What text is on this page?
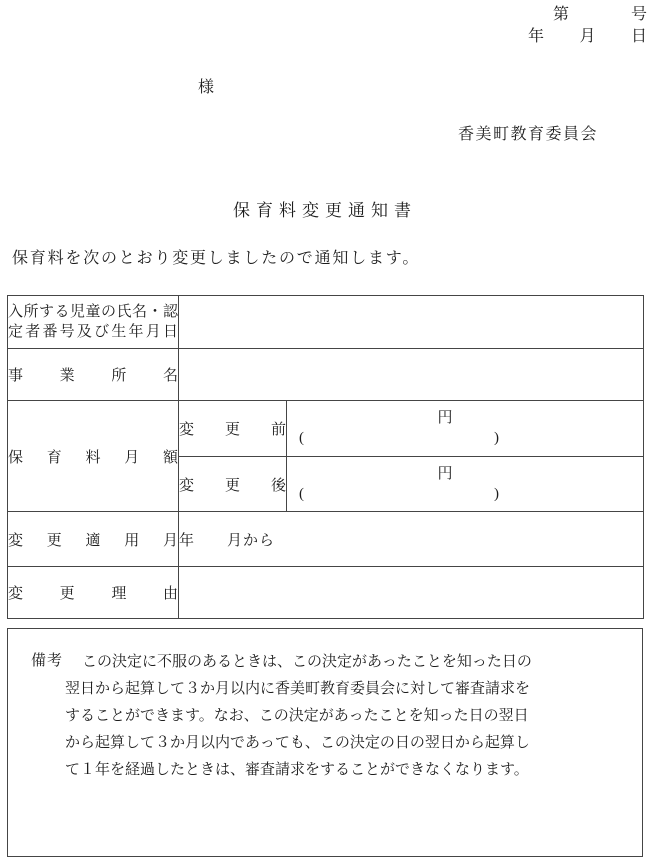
第	号
年 月 日
様
香美町教育委員会
保育料変更通知書
保育料を次のとおり変更しましたので通知します。
入所する児童の氏名・認
定者番号及び生年月日		

事業所名		
保育料月額	変更前	円
( )

	変更後	円
( )

変更適用月	年　　月から	
変更理由		
備考	この決定に不服のあるときは、この決定があったことを知った日の
翌日から起算して３か月以内に香美町教育委員会に対して審査請求を
することができます。なお、この決定があったことを知った日の翌日
から起算して３か月以内であっても、この決定の日の翌日から起算し
て１年を経過したときは、審査請求をすることができなくなります。
